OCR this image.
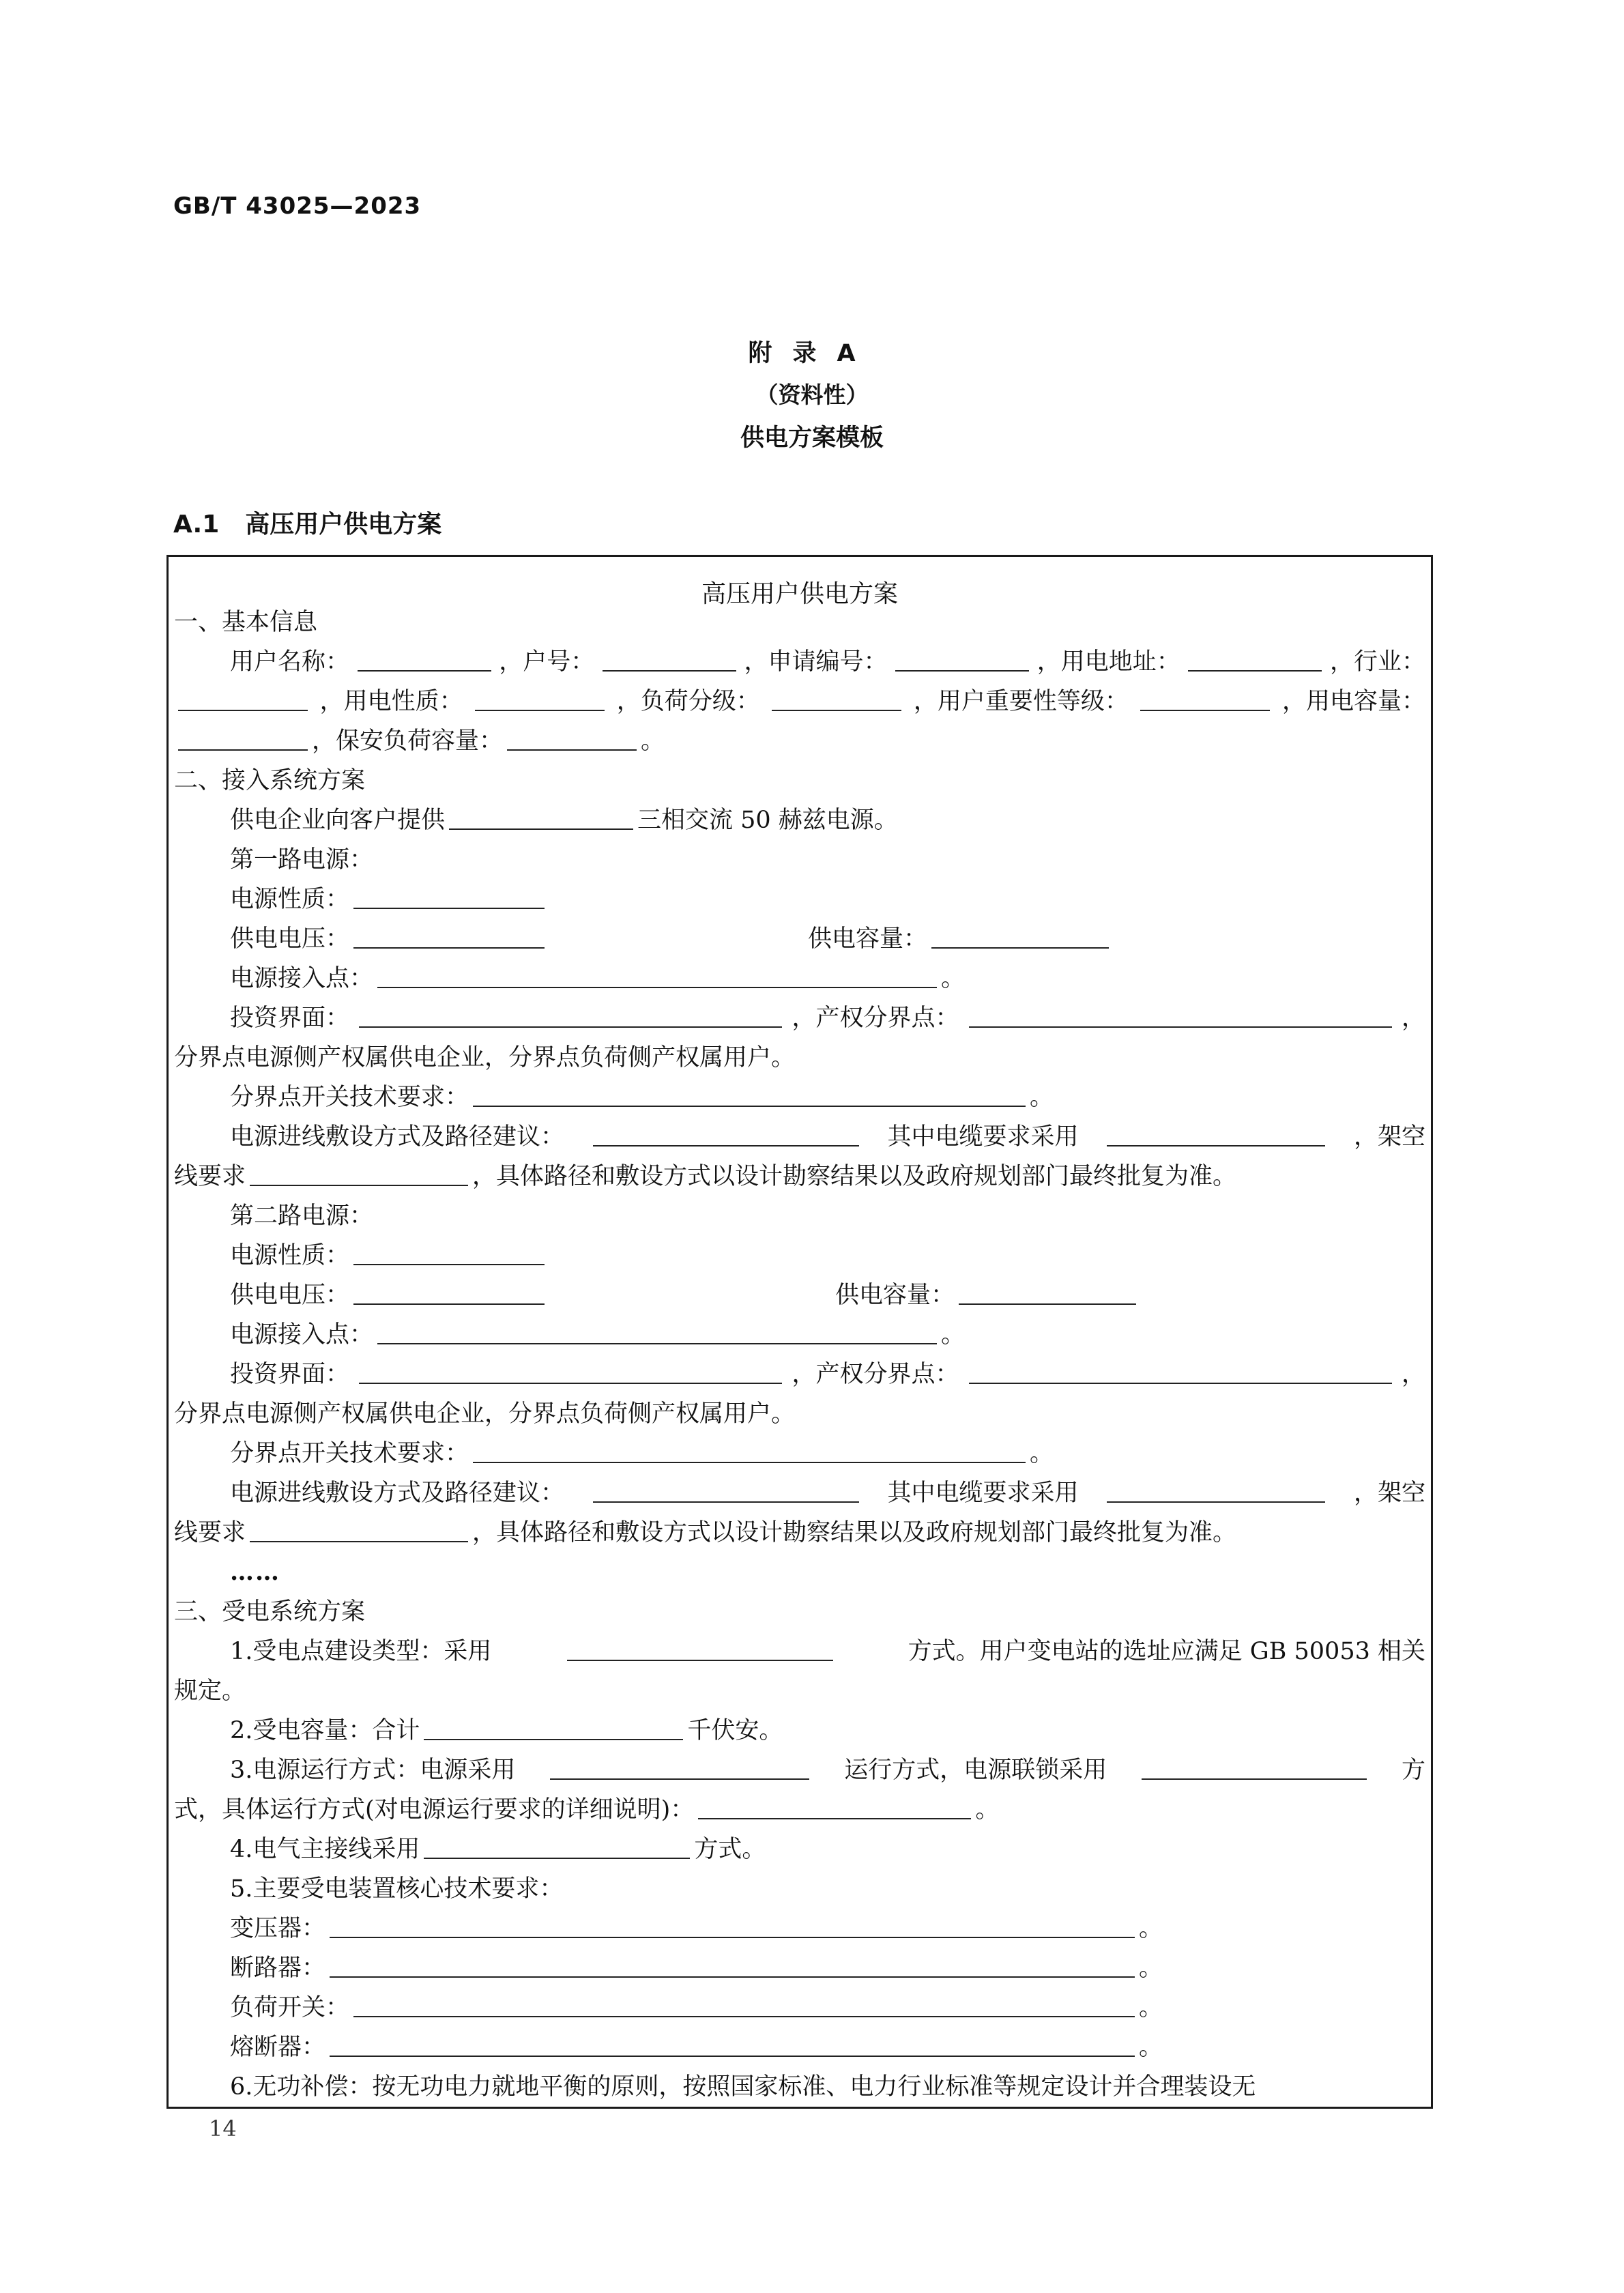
GB/T 43025—2023
附录A
（资料性）
供电方案模板
A.1 高压用户供电方案
高压用户供电方案
一、基本信息
用户名称：	，户号：	，申请编号：	，用电地址：	，行业：
，用电性质：	，负荷分级：	，用户重要性等级：	，用电容量：
，保安负荷容量：	。
二、接入系统方案
供电企业向客户提供	三相交流 50 赫兹电源。
第一路电源：
电源性质：
供电电压：	供电容量：
电源接入点：	。
投资界面：	，产权分界点：	，
分界点电源侧产权属供电企业，分界点负荷侧产权属用户。
分界点开关技术要求：	。
电源进线敷设方式及路径建议：	其中电缆要求采用	，架空
线要求	，具体路径和敷设方式以设计勘察结果以及政府规划部门最终批复为准。
第二路电源：
电源性质：
供电电压：	供电容量：
电源接入点：	。
投资界面：	，产权分界点：	，
分界点电源侧产权属供电企业，分界点负荷侧产权属用户。
分界点开关技术要求：	。
电源进线敷设方式及路径建议：	其中电缆要求采用	，架空
线要求	，具体路径和敷设方式以设计勘察结果以及政府规划部门最终批复为准。
……
三、受电系统方案
1.受电点建设类型：采用	方式。用户变电站的选址应满足 GB 50053 相关
规定。
2.受电容量：合计	千伏安。
3.电源运行方式：电源采用	运行方式，电源联锁采用	方
式，具体运行方式(对电源运行要求的详细说明)：	。
4.电气主接线采用	方式。
5.主要受电装置核心技术要求：
变压器：	。
断路器：	。
负荷开关：	。
熔断器：	。
6.无功补偿：按无功电力就地平衡的原则，按照国家标准、电力行业标准等规定设计并合理装设无
14
